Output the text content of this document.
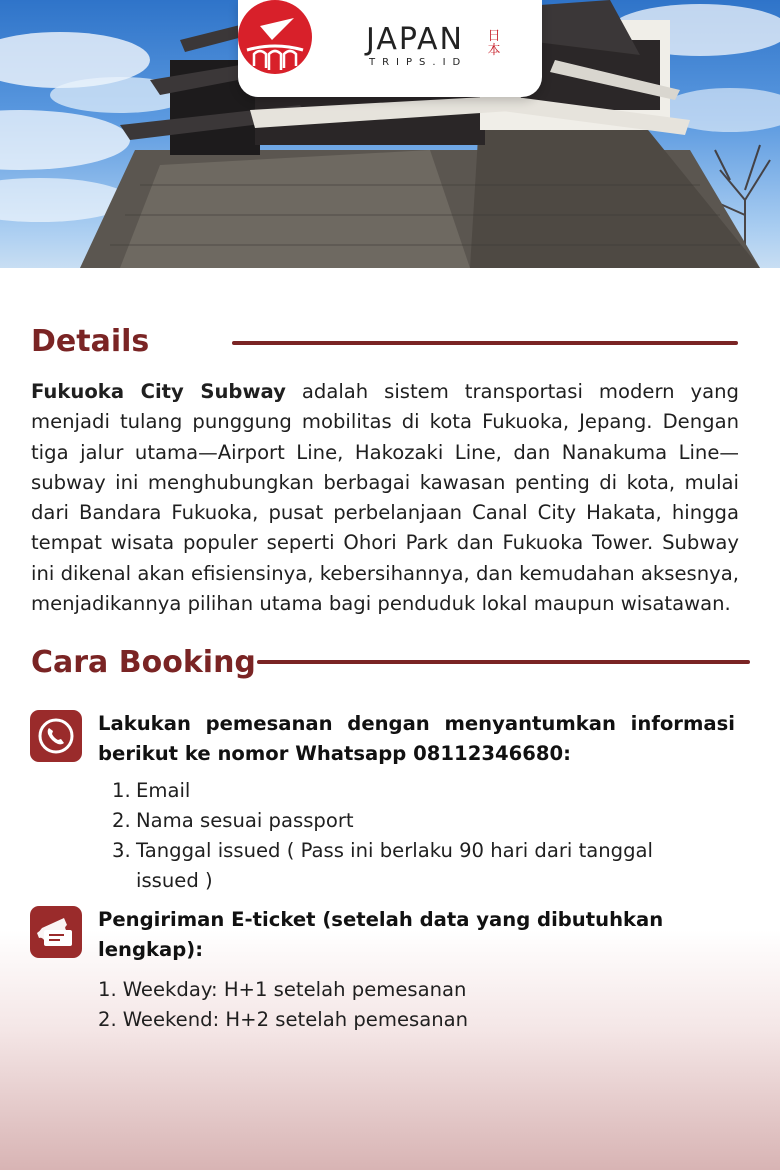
JAPAN
TRIPS.ID
日
本
Details

Fukuoka City Subway adalah sistem transportasi modern yang menjadi tulang punggung mobilitas di kota Fukuoka, Jepang. Dengan tiga jalur utama—Airport Line, Hakozaki Line, dan Nanakuma Line—subway ini menghubungkan berbagai kawasan penting di kota, mulai dari Bandara Fukuoka, pusat perbelanjaan Canal City Hakata, hingga tempat wisata populer seperti Ohori Park dan Fukuoka Tower. Subway ini dikenal akan efisiensinya, kebersihannya, dan kemudahan aksesnya, menjadikannya pilihan utama bagi penduduk lokal maupun wisatawan.

Cara Booking
Lakukan pemesanan dengan menyantumkan informasi
berikut ke nomor Whatsapp 08112346680:
1. Email
2. Nama sesuai passport
3. Tanggal issued ( Pass ini berlaku 90 hari dari tanggal issued )
Pengiriman E-ticket (setelah data yang dibutuhkan lengkap):
1. Weekday: H+1 setelah pemesanan
2. Weekend: H+2 setelah pemesanan
